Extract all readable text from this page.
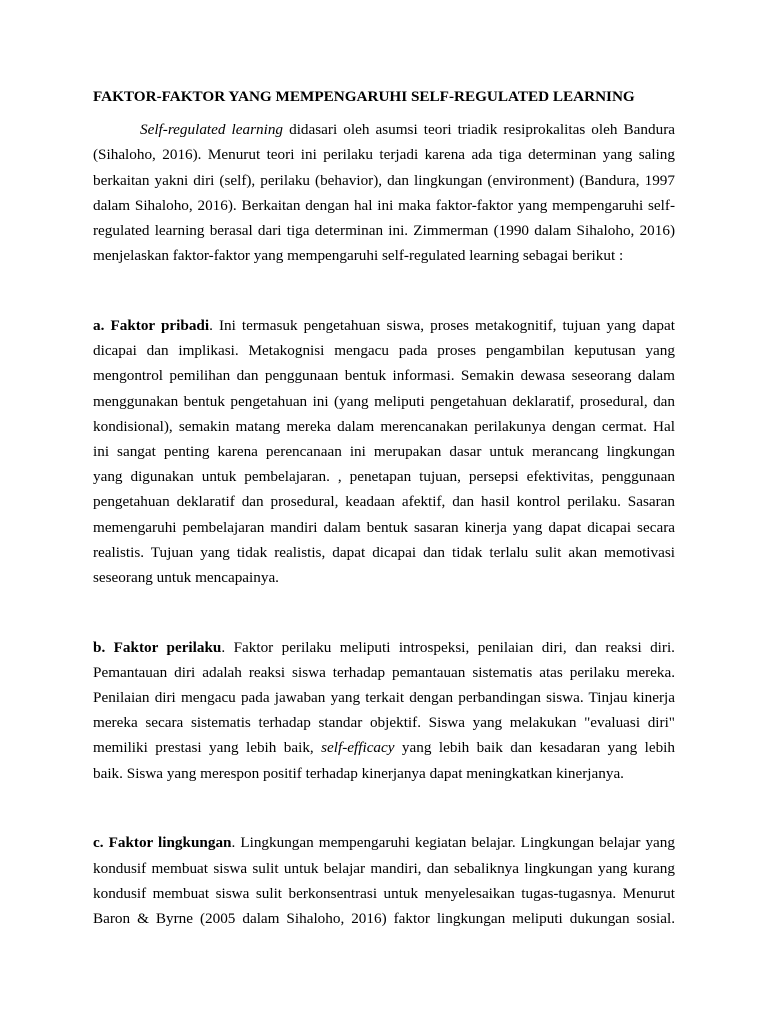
FAKTOR-FAKTOR YANG MEMPENGARUHI SELF-REGULATED LEARNING
Self-regulated learning didasari oleh asumsi teori triadik resiprokalitas oleh Bandura
(Sihaloho, 2016). Menurut teori ini perilaku terjadi karena ada tiga determinan yang saling
berkaitan yakni diri (self), perilaku (behavior), dan lingkungan (environment) (Bandura, 1997
dalam Sihaloho, 2016). Berkaitan dengan hal ini maka faktor-faktor yang mempengaruhi self-
regulated learning berasal dari tiga determinan ini. Zimmerman (1990 dalam Sihaloho, 2016)
menjelaskan faktor-faktor yang mempengaruhi self-regulated learning sebagai berikut :
a. Faktor pribadi. Ini termasuk pengetahuan siswa, proses metakognitif, tujuan yang dapat
dicapai dan implikasi. Metakognisi mengacu pada proses pengambilan keputusan yang
mengontrol pemilihan dan penggunaan bentuk informasi. Semakin dewasa seseorang dalam
menggunakan bentuk pengetahuan ini (yang meliputi pengetahuan deklaratif, prosedural, dan
kondisional), semakin matang mereka dalam merencanakan perilakunya dengan cermat. Hal
ini sangat penting karena perencanaan ini merupakan dasar untuk merancang lingkungan
yang digunakan untuk pembelajaran. , penetapan tujuan, persepsi efektivitas, penggunaan
pengetahuan deklaratif dan prosedural, keadaan afektif, dan hasil kontrol perilaku. Sasaran
memengaruhi pembelajaran mandiri dalam bentuk sasaran kinerja yang dapat dicapai secara
realistis. Tujuan yang tidak realistis, dapat dicapai dan tidak terlalu sulit akan memotivasi
seseorang untuk mencapainya.
b. Faktor perilaku. Faktor perilaku meliputi introspeksi, penilaian diri, dan reaksi diri.
Pemantauan diri adalah reaksi siswa terhadap pemantauan sistematis atas perilaku mereka.
Penilaian diri mengacu pada jawaban yang terkait dengan perbandingan siswa. Tinjau kinerja
mereka secara sistematis terhadap standar objektif. Siswa yang melakukan "evaluasi diri"
memiliki prestasi yang lebih baik, self-efficacy yang lebih baik dan kesadaran yang lebih
baik. Siswa yang merespon positif terhadap kinerjanya dapat meningkatkan kinerjanya.
c. Faktor lingkungan. Lingkungan mempengaruhi kegiatan belajar. Lingkungan belajar yang
kondusif membuat siswa sulit untuk belajar mandiri, dan sebaliknya lingkungan yang kurang
kondusif membuat siswa sulit berkonsentrasi untuk menyelesaikan tugas-tugasnya. Menurut
Baron & Byrne (2005 dalam Sihaloho, 2016) faktor lingkungan meliputi dukungan sosial.
